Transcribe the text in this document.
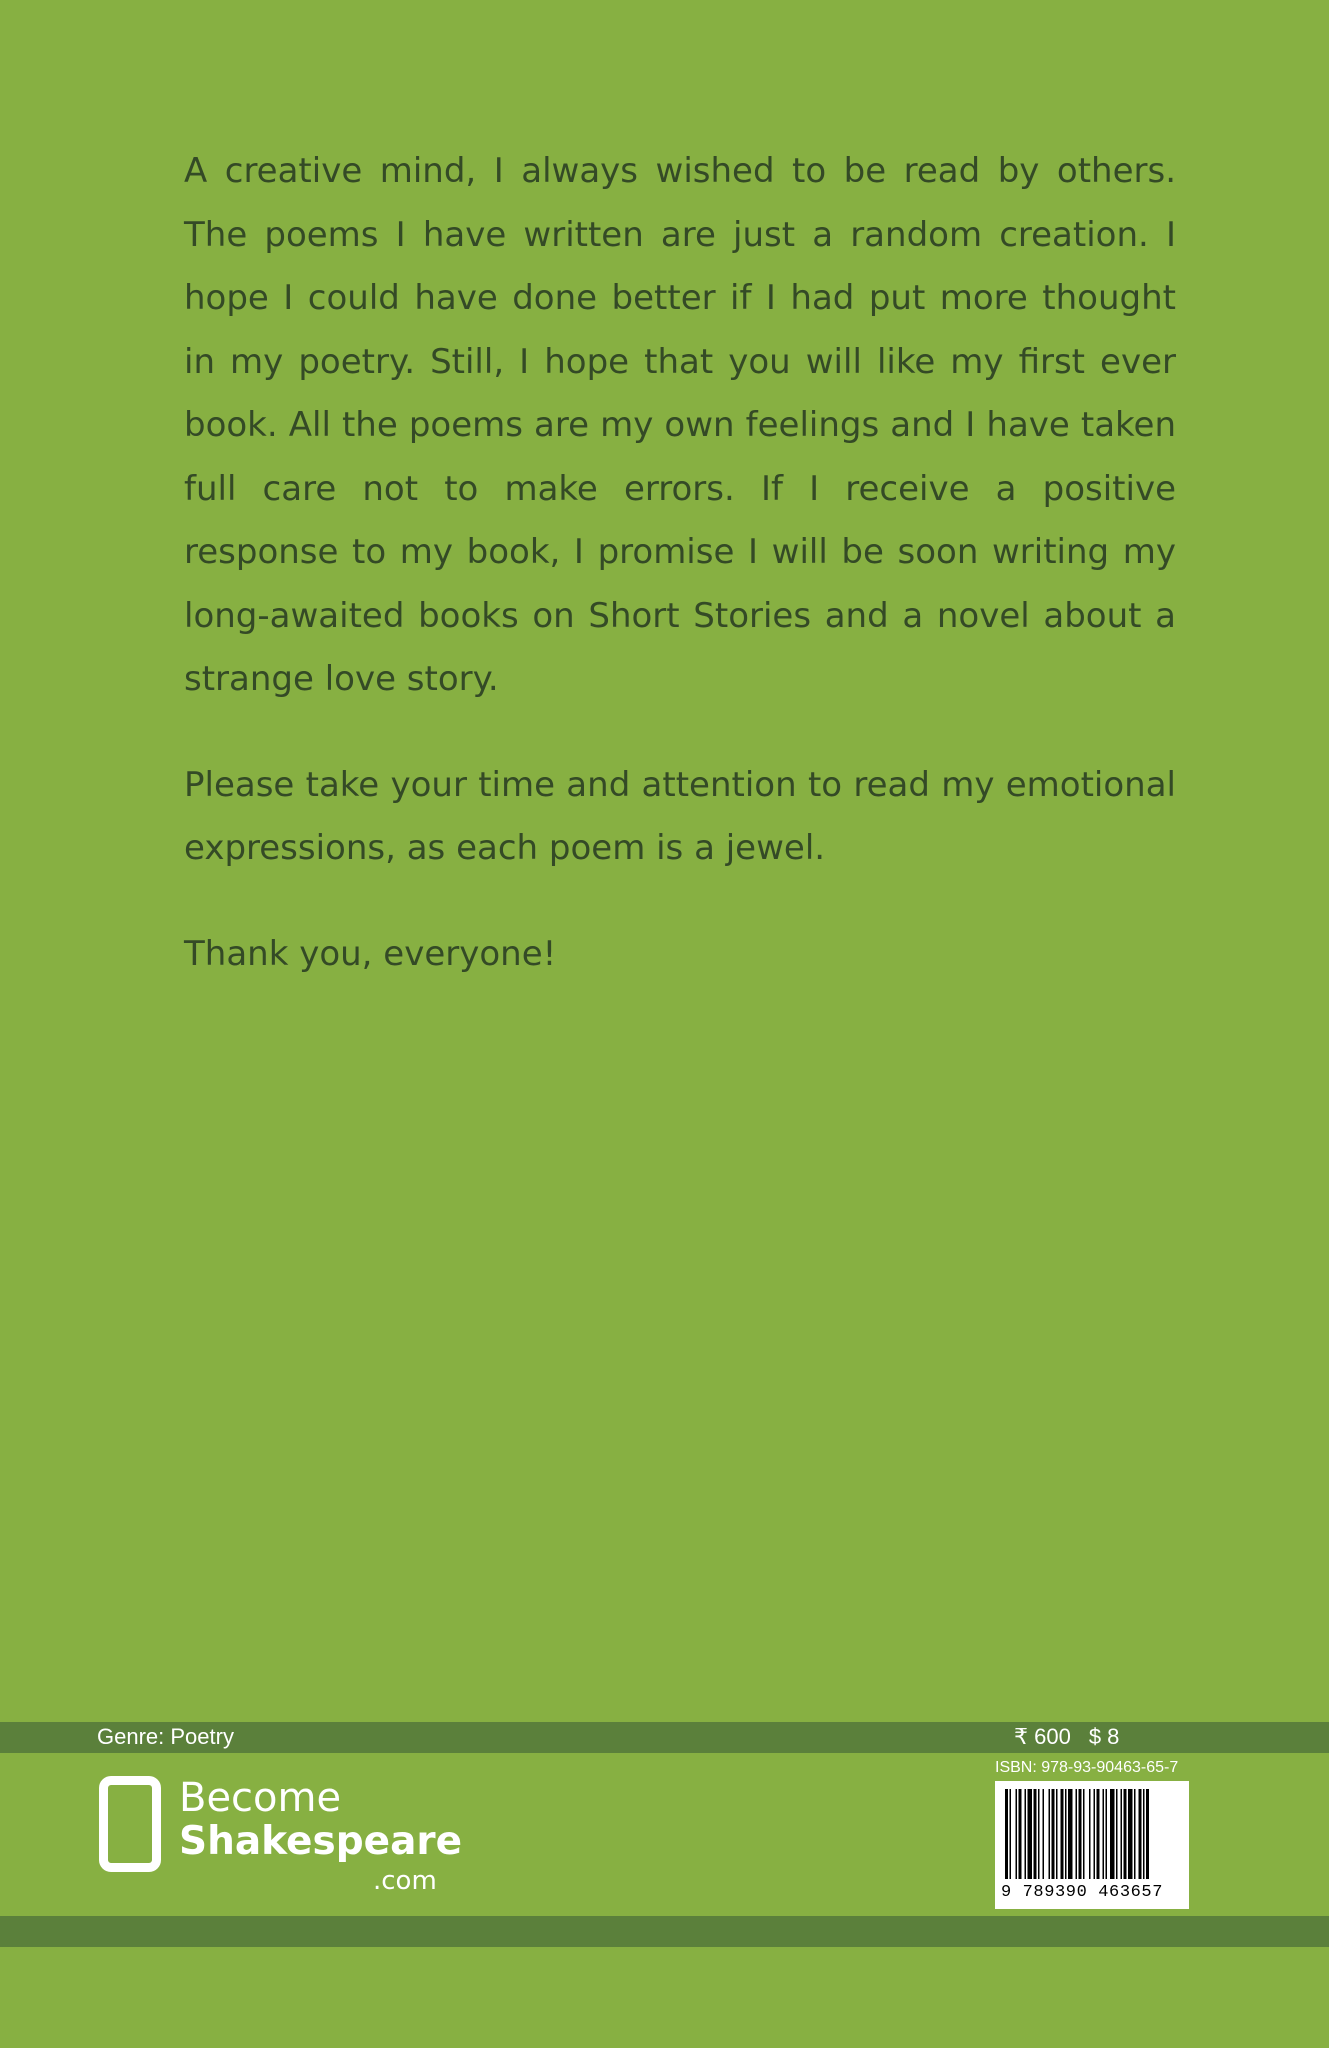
A creative mind, I always wished to be read by others. The poems I have written are just a random creation. I hope I could have done better if I had put more thought in my poetry. Still, I hope that you will like my first ever book. All the poems are my own feelings and I have taken full care not to make errors. If I receive a positive response to my book, I promise I will be soon writing my long-awaited books on Short Stories and a novel about a strange love story.

Please take your time and attention to read my emotional expressions, as each poem is a jewel.

Thank you, everyone!

Genre: Poetry	₹ 600 $ 8
Become
Shakespeare
.com
ISBN: 978-93-90463-65-7
9 789390 463657
